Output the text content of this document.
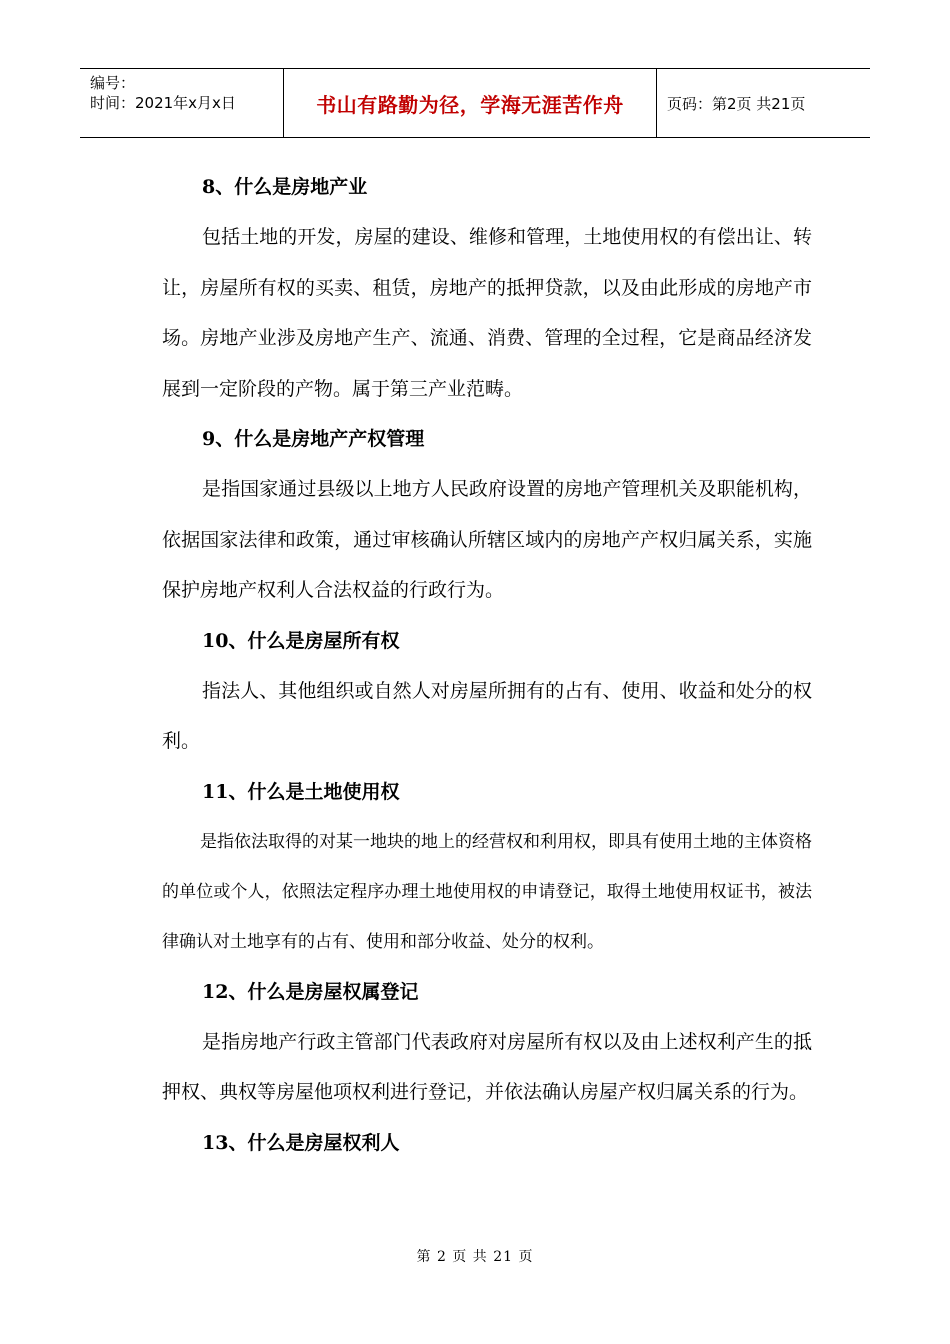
编号：
时间：2021年x月x日	书山有路勤为径，学海无涯苦作舟	页码：第2页 共21页

8、什么是房地产业

包括土地的开发，房屋的建设、维修和管理，土地使用权的有偿出让、转让，房屋所有权的买卖、租赁，房地产的抵押贷款，以及由此形成的房地产市场。房地产业涉及房地产生产、流通、消费、管理的全过程，它是商品经济发展到一定阶段的产物。属于第三产业范畴。

9、什么是房地产产权管理

是指国家通过县级以上地方人民政府设置的房地产管理机关及职能机构，依据国家法律和政策，通过审核确认所辖区域内的房地产产权归属关系，实施保护房地产权利人合法权益的行政行为。

10、什么是房屋所有权

指法人、其他组织或自然人对房屋所拥有的占有、使用、收益和处分的权利。

11、什么是土地使用权

是指依法取得的对某一地块的地上的经营权和利用权，即具有使用土地的主体资格的单位或个人，依照法定程序办理土地使用权的申请登记，取得土地使用权证书，被法律确认对土地享有的占有、使用和部分收益、处分的权利。

12、什么是房屋权属登记

是指房地产行政主管部门代表政府对房屋所有权以及由上述权利产生的抵押权、典权等房屋他项权利进行登记，并依法确认房屋产权归属关系的行为。

13、什么是房屋权利人

第 2 页 共 21 页
